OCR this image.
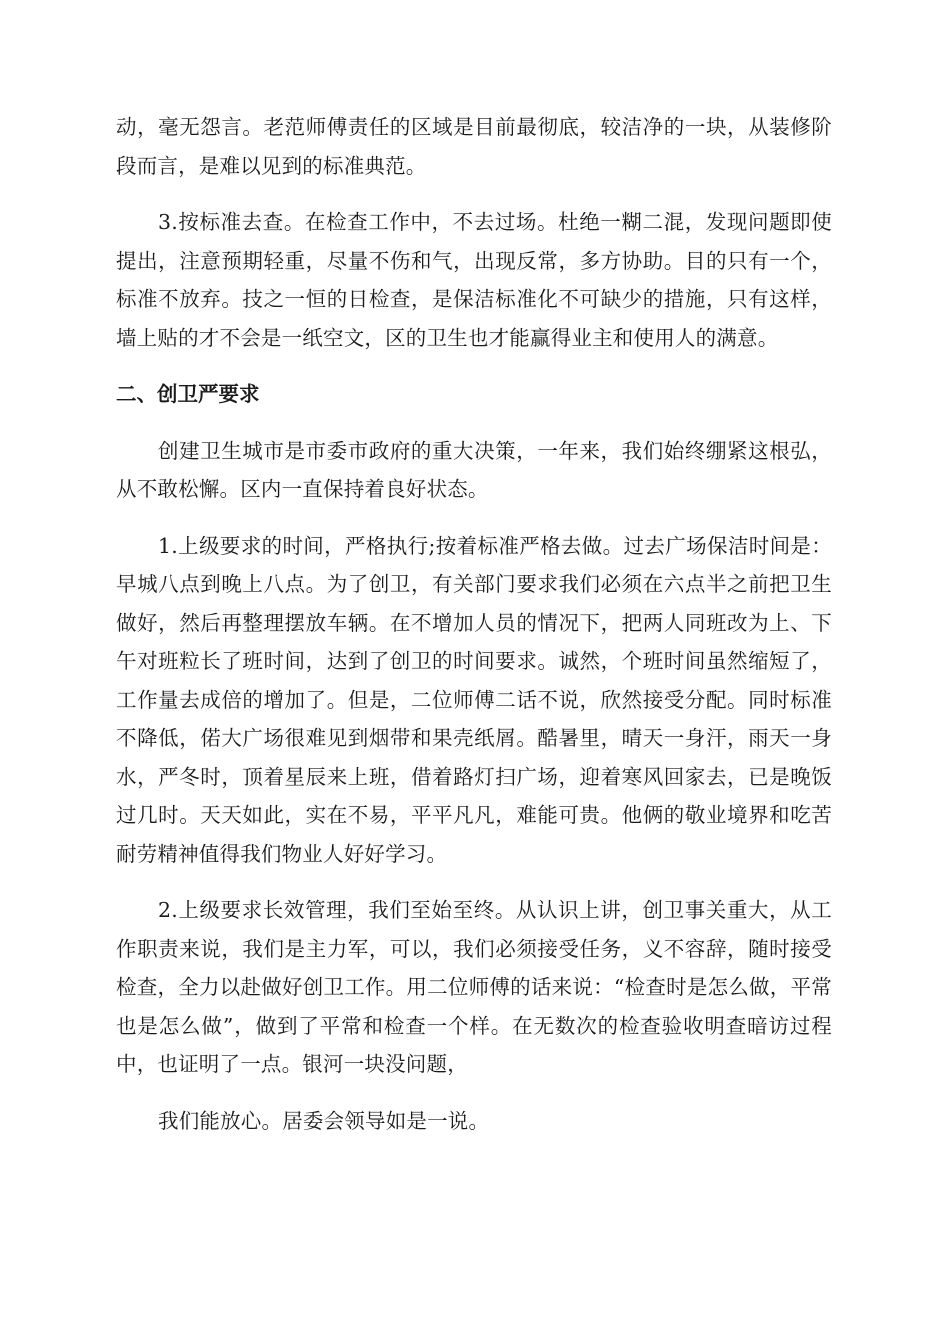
动，毫无怨言。老范师傅责任的区域是目前最彻底，较洁净的一块，从装修阶段而言，是难以见到的标准典范。

3.按标准去查。在检查工作中，不去过场。杜绝一糊二混，发现问题即使提出，注意预期轻重，尽量不伤和气，出现反常，多方协助。目的只有一个，标准不放弃。技之一恒的日检查，是保洁标准化不可缺少的措施，只有这样，墙上贴的才不会是一纸空文，区的卫生也才能赢得业主和使用人的满意。

二、创卫严要求

创建卫生城市是市委市政府的重大决策，一年来，我们始终绷紧这根弘，从不敢松懈。区内一直保持着良好状态。

1.上级要求的时间，严格执行;按着标准严格去做。过去广场保洁时间是：早城八点到晚上八点。为了创卫，有关部门要求我们必须在六点半之前把卫生做好，然后再整理摆放车辆。在不增加人员的情况下，把两人同班改为上、下午对班粒长了班时间，达到了创卫的时间要求。诚然，个班时间虽然缩短了，工作量去成倍的增加了。但是，二位师傅二话不说，欣然接受分配。同时标准不降低，偌大广场很难见到烟带和果壳纸屑。酷暑里，晴天一身汗，雨天一身水，严冬时，顶着星辰来上班，借着路灯扫广场，迎着寒风回家去，已是晚饭过几时。天天如此，实在不易，平平凡凡，难能可贵。他俩的敬业境界和吃苦耐劳精神值得我们物业人好好学习。

2.上级要求长效管理，我们至始至终。从认识上讲，创卫事关重大，从工作职责来说，我们是主力军，可以，我们必须接受任务，义不容辞，随时接受检查，全力以赴做好创卫工作。用二位师傅的话来说：“检查时是怎么做，平常也是怎么做”，做到了平常和检查一个样。在无数次的检查验收明查暗访过程中，也证明了一点。银河一块没问题，

我们能放心。居委会领导如是一说。
